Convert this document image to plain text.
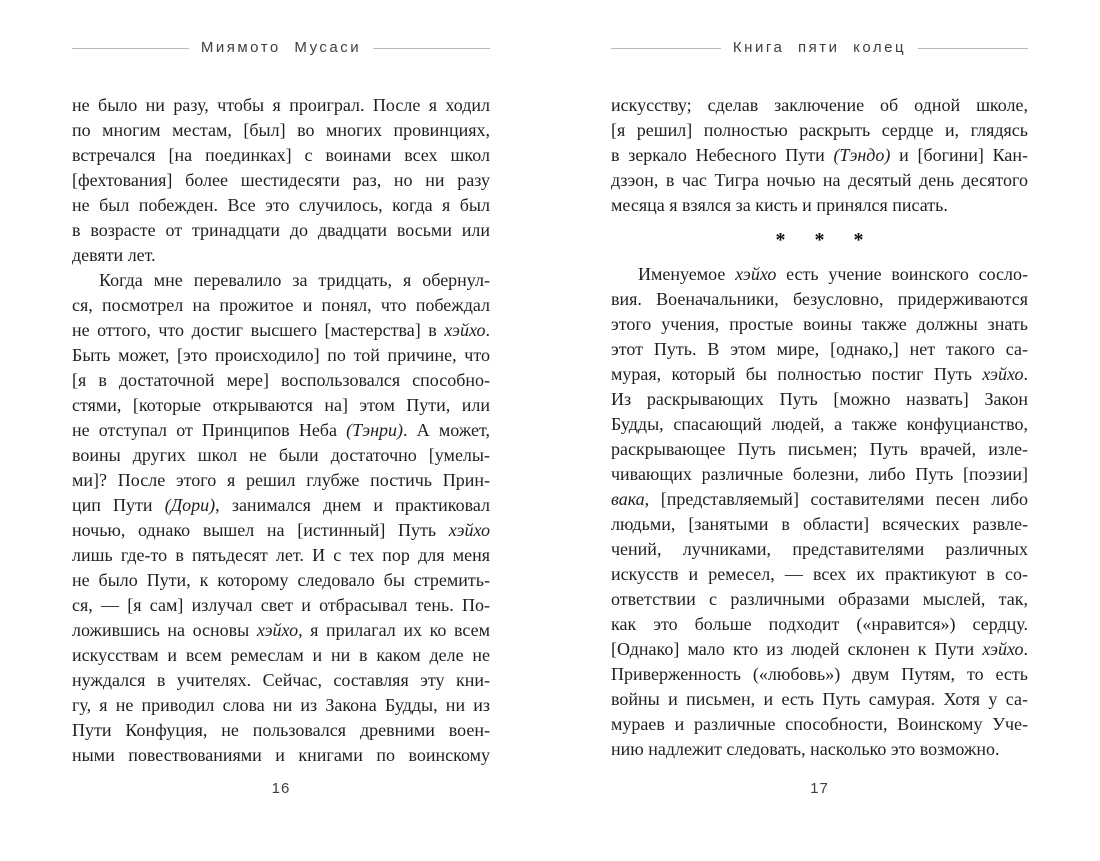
Миямото Мусаси
не было ни разу, чтобы я проиграл. После я ходил
по многим местам, [был] во многих провинциях,
встречался [на поединках] с воинами всех школ
[фехтования] более шестидесяти раз, но ни разу
не был побежден. Все это случилось, когда я был
в возрасте от тринадцати до двадцати восьми или
девяти лет.
Когда мне перевалило за тридцать, я обернул-
ся, посмотрел на прожитое и понял, что побеждал
не оттого, что достиг высшего [мастерства] в хэйхо.
Быть может, [это происходило] по той причине, что
[я в достаточной мере] воспользовался способно-
стями, [которые открываются на] этом Пути, или
не отступал от Принципов Неба (Тэнри). А может,
воины других школ не были достаточно [умелы-
ми]? После этого я решил глубже постичь Прин-
цип Пути (Дори), занимался днем и практиковал
ночью, однако вышел на [истинный] Путь хэйхо
лишь где-то в пятьдесят лет. И с тех пор для меня
не было Пути, к которому следовало бы стремить-
ся, — [я сам] излучал свет и отбрасывал тень. По-
ложившись на основы хэйхо, я прилагал их ко всем
искусствам и всем ремеслам и ни в каком деле не
нуждался в учителях. Сейчас, составляя эту кни-
гу, я не приводил слова ни из Закона Будды, ни из
Пути Конфуция, не пользовался древними воен-
ными повествованиями и книгами по воинскому
16
Книга пяти колец
искусству; сделав заключение об одной школе,
[я решил] полностью раскрыть сердце и, глядясь
в зеркало Небесного Пути (Тэндо) и [богини] Кан-
дзэон, в час Тигра ночью на десятый день десятого
месяца я взялся за кисть и принялся писать.
* * *
Именуемое хэйхо есть учение воинского сосло-
вия. Военачальники, безусловно, придерживаются
этого учения, простые воины также должны знать
этот Путь. В этом мире, [однако,] нет такого са-
мурая, который бы полностью постиг Путь хэйхо.
Из раскрывающих Путь [можно назвать] Закон
Будды, спасающий людей, а также конфуцианство,
раскрывающее Путь письмен; Путь врачей, изле-
чивающих различные болезни, либо Путь [поэзии]
вака, [представляемый] составителями песен либо
людьми, [занятыми в области] всяческих развле-
чений, лучниками, представителями различных
искусств и ремесел, — всех их практикуют в со-
ответствии с различными образами мыслей, так,
как это больше подходит («нравится») сердцу.
[Однако] мало кто из людей склонен к Пути хэйхо.
Приверженность («любовь») двум Путям, то есть
войны и письмен, и есть Путь самурая. Хотя у са-
мураев и различные способности, Воинскому Уче-
нию надлежит следовать, насколько это возможно.
17
